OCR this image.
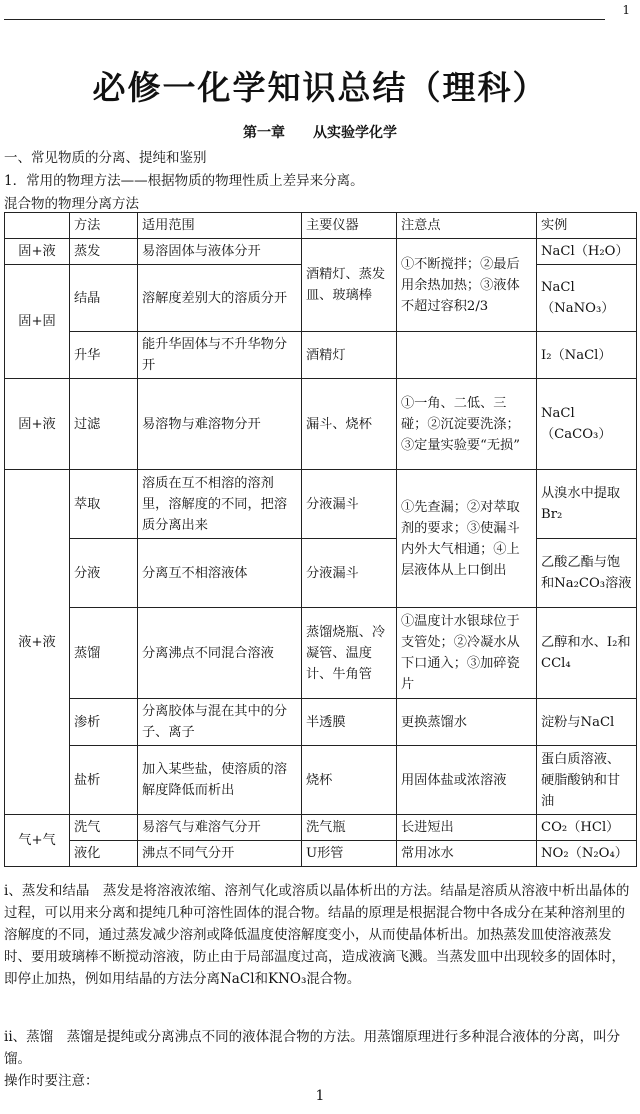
1
必修一化学知识总结（理科）
第一章　　从实验学化学
一、常见物质的分离、提纯和鉴别
1．常用的物理方法——根据物质的物理性质上差异来分离。
混合物的物理分离方法
	方法	适用范围	主要仪器	注意点	实例
固+液	蒸发	易溶固体与液体分开	酒精灯、蒸发皿、玻璃棒	①不断搅拌；②最后用余热加热；③液体不超过容积2/3	NaCl（H₂O）
固+固	结晶	溶解度差别大的溶质分开			NaCl（NaNO₃）
	升华	能升华固体与不升华物分开	酒精灯		I₂（NaCl）
固+液	过滤	易溶物与难溶物分开	漏斗、烧杯	①一角、二低、三碰；②沉淀要洗涤；③定量实验要“无损”	NaCl（CaCO₃）
液+液	萃取	溶质在互不相溶的溶剂里，溶解度的不同，把溶质分离出来	分液漏斗	①先查漏；②对萃取剂的要求；③使漏斗内外大气相通；④上层液体从上口倒出	从溴水中提取Br₂
	分液	分离互不相溶液体	分液漏斗		乙酸乙酯与饱和Na₂CO₃溶液
	蒸馏	分离沸点不同混合溶液	蒸馏烧瓶、冷凝管、温度计、牛角管	①温度计水银球位于支管处；②冷凝水从下口通入；③加碎瓷片	乙醇和水、I₂和CCl₄
	渗析	分离胶体与混在其中的分子、离子	半透膜	更换蒸馏水	淀粉与NaCl
	盐析	加入某些盐，使溶质的溶解度降低而析出	烧杯	用固体盐或浓溶液	蛋白质溶液、硬脂酸钠和甘油
气+气	洗气	易溶气与难溶气分开	洗气瓶	长进短出	CO₂（HCl）
	液化	沸点不同气分开	U形管	常用冰水	NO₂（N₂O₄）
i、蒸发和结晶　蒸发是将溶液浓缩、溶剂气化或溶质以晶体析出的方法。结晶是溶质从溶液中析出晶体的过程，可以用来分离和提纯几种可溶性固体的混合物。结晶的原理是根据混合物中各成分在某种溶剂里的溶解度的不同，通过蒸发减少溶剂或降低温度使溶解度变小，从而使晶体析出。加热蒸发皿使溶液蒸发时、要用玻璃棒不断搅动溶液，防止由于局部温度过高，造成液滴飞溅。当蒸发皿中出现较多的固体时，即停止加热，例如用结晶的方法分离NaCl和KNO₃混合物。
ii、蒸馏　蒸馏是提纯或分离沸点不同的液体混合物的方法。用蒸馏原理进行多种混合液体的分离，叫分馏。
操作时要注意：
1
